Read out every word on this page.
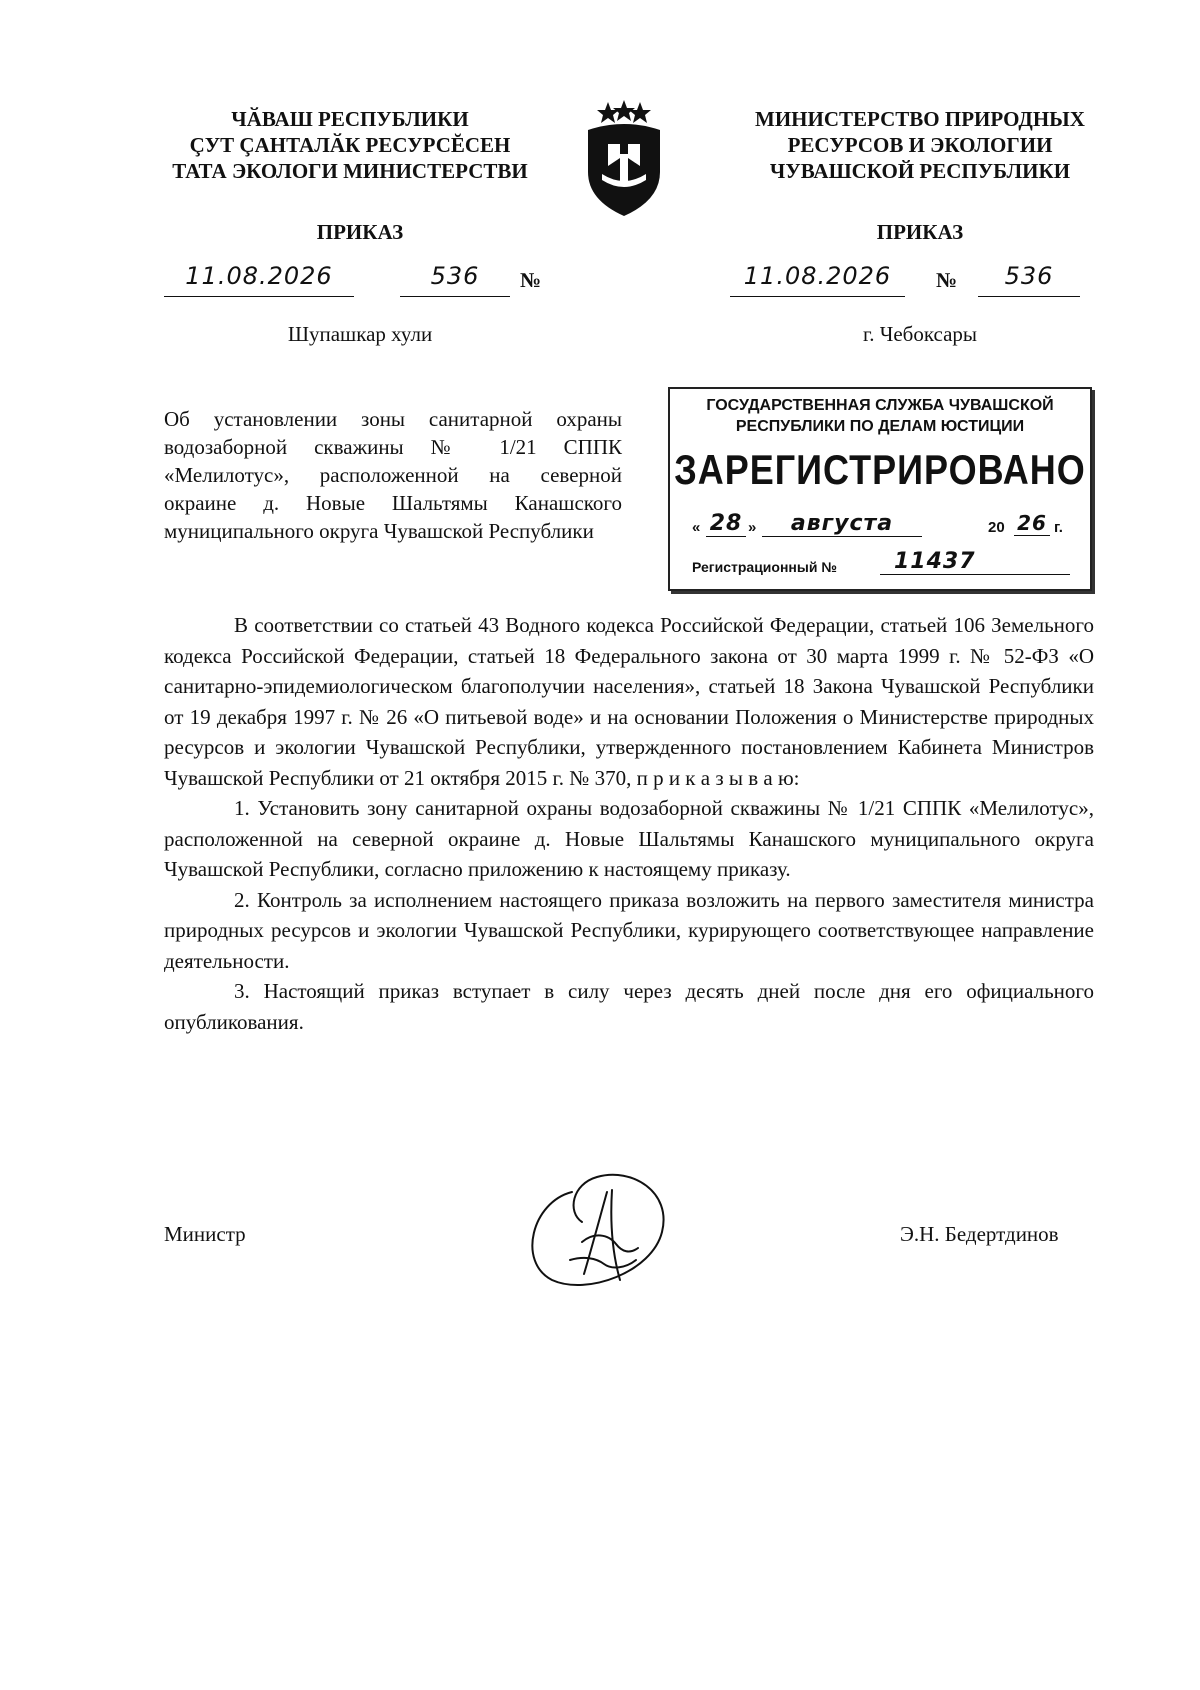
ЧӐВАШ РЕСПУБЛИКИ
ÇУТ ÇАНТАЛӐК РЕСУРСĔСЕН
ТАТА ЭКОЛОГИ МИНИСТЕРСТВИ
МИНИСТЕРСТВО ПРИРОДНЫХ
РЕСУРСОВ И ЭКОЛОГИИ
ЧУВАШСКОЙ РЕСПУБЛИКИ
ПРИКАЗ	ПРИКАЗ
11.08.2026	536	№	11.08.2026	№	536
Шупашкар хули	г. Чебоксары
Об установлении зоны санитарной охраны водозаборной скважины № 1/21 СППК «Мелилотус», расположенной на северной окраине д. Новые Шальтямы Канашского муниципального округа Чувашской Республики
ГОСУДАРСТВЕННАЯ СЛУЖБА ЧУВАШСКОЙ
РЕСПУБЛИКИ ПО ДЕЛАМ ЮСТИЦИИ
ЗАРЕГИСТРИРОВАНО
« 28 »	августа	20 26 г.
Регистрационный №	11437

В соответствии со статьей 43 Водного кодекса Российской Федерации, статьей 106 Земельного кодекса Российской Федерации, статьей 18 Федерального закона от 30 марта 1999 г. № 52-ФЗ «О санитарно-эпидемиологическом благополучии населения», статьей 18 Закона Чувашской Республики от 19 декабря 1997 г. № 26 «О питьевой воде» и на основании Положения о Министерстве природных ресурсов и экологии Чувашской Республики, утвержденного постановлением Кабинета Министров Чувашской Республики от 21 октября 2015 г. № 370, п р и к а з ы в а ю:

1. Установить зону санитарной охраны водозаборной скважины № 1/21 СППК «Мелилотус», расположенной на северной окраине д. Новые Шальтямы Канашского муниципального округа Чувашской Республики, согласно приложению к настоящему приказу.

2. Контроль за исполнением настоящего приказа возложить на первого заместителя министра природных ресурсов и экологии Чувашской Республики, курирующего соответствующее направление деятельности.

3. Настоящий приказ вступает в силу через десять дней после дня его официального опубликования.

Министр	Э.Н. Бедертдинов
